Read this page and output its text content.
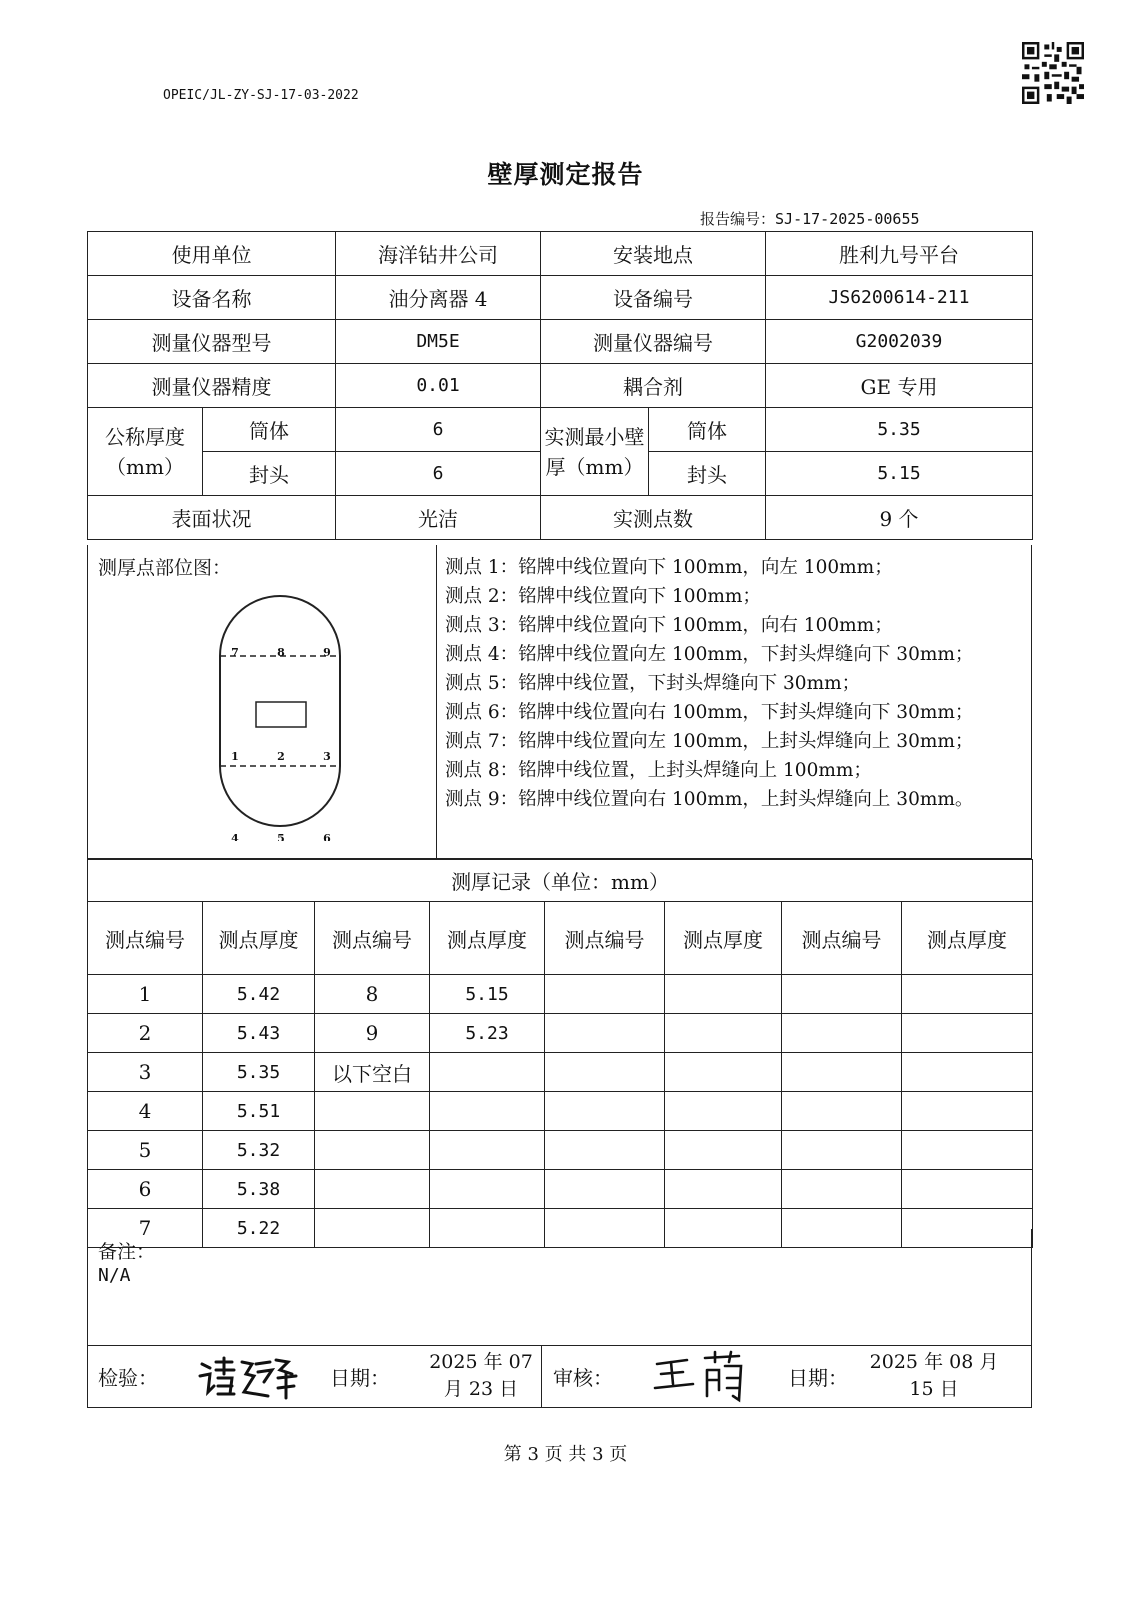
OPEIC/JL-ZY-SJ-17-03-2022
壁厚测定报告
报告编号：SJ-17-2025-00655
使用单位		海洋钻井公司	安装地点		胜利九号平台
设备名称		油分离器 4	设备编号		JS6200614-211
测量仪器型号		DM5E	测量仪器编号		G2002039
测量仪器精度		0.01	耦合剂		GE 专用
公称厚度（mm）	筒体	6	实测最小壁厚（mm）	筒体	5.35
	封头	6		封头	5.15
表面状况		光洁	实测点数		9 个
测厚点部位图：
1	2	3
4	5	6
7	8	9
测点 1：铭牌中线位置向下 100mm，向左 100mm；
测点 2：铭牌中线位置向下 100mm；
测点 3：铭牌中线位置向下 100mm，向右 100mm；
测点 4：铭牌中线位置向左 100mm，下封头焊缝向下 30mm；
测点 5：铭牌中线位置，下封头焊缝向下 30mm；
测点 6：铭牌中线位置向右 100mm，下封头焊缝向下 30mm；
测点 7：铭牌中线位置向左 100mm，上封头焊缝向上 30mm；
测点 8：铭牌中线位置，上封头焊缝向上 100mm；
测点 9：铭牌中线位置向右 100mm，上封头焊缝向上 30mm。
测厚记录（单位：mm）							
测点编号	测点厚度	测点编号	测点厚度	测点编号	测点厚度	测点编号	测点厚度
1	5.42	8	5.15				
2	5.43	9	5.23				
3	5.35	以下空白					
4	5.51						
5	5.32						
6	5.38						
7	5.22						
备注：
N/A
检验：	日期：
2025 年 07
月 23 日	审核：	日期：
2025 年 08 月
15 日
第 3 页 共 3 页
